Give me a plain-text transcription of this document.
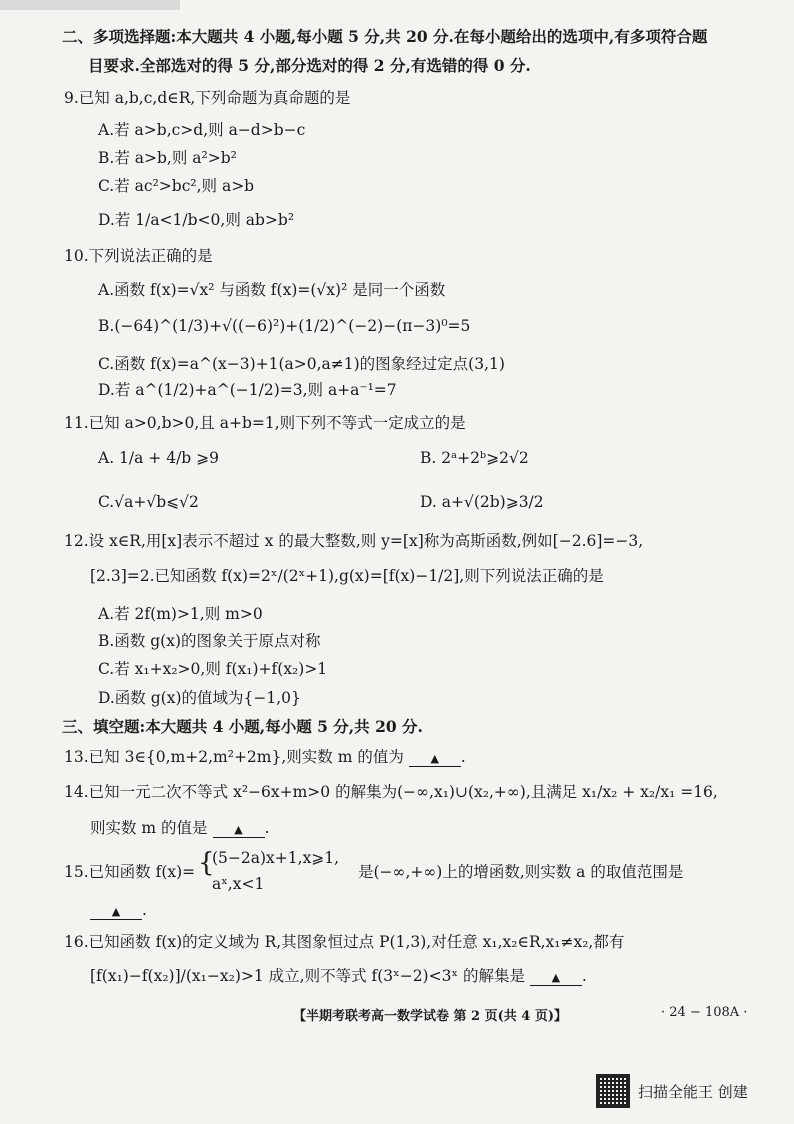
二、多项选择题:本大题共 4 小题,每小题 5 分,共 20 分.在每小题给出的选项中,有多项符合题
目要求.全部选对的得 5 分,部分选对的得 2 分,有选错的得 0 分.
9.已知 a,b,c,d∈R,下列命题为真命题的是
A.若 a>b,c>d,则 a−d>b−c
B.若 a>b,则 a²>b²
C.若 ac²>bc²,则 a>b
D.若 1/a<1/b<0,则 ab>b²
10.下列说法正确的是
A.函数 f(x)=√x² 与函数 f(x)=(√x)² 是同一个函数
B.(−64)^(1/3)+√((−6)²)+(1/2)^(−2)−(π−3)⁰=5
C.函数 f(x)=a^(x−3)+1(a>0,a≠1)的图象经过定点(3,1)
D.若 a^(1/2)+a^(−1/2)=3,则 a+a⁻¹=7
11.已知 a>0,b>0,且 a+b=1,则下列不等式一定成立的是
A. 1/a + 4/b ⩾9	B. 2ᵃ+2ᵇ⩾2√2
C.√a+√b⩽√2	D. a+√(2b)⩾3/2
12.设 x∈R,用[x]表示不超过 x 的最大整数,则 y=[x]称为高斯函数,例如[−2.6]=−3,
[2.3]=2.已知函数 f(x)=2ˣ/(2ˣ+1),g(x)=[f(x)−1/2],则下列说法正确的是
A.若 2f(m)>1,则 m>0
B.函数 g(x)的图象关于原点对称
C.若 x₁+x₂>0,则 f(x₁)+f(x₂)>1
D.函数 g(x)的值域为{−1,0}
三、填空题:本大题共 4 小题,每小题 5 分,共 20 分.
13.已知 3∈{0,m+2,m²+2m},则实数 m 的值为 ▲ .
14.已知一元二次不等式 x²−6x+m>0 的解集为(−∞,x₁)∪(x₂,+∞),且满足 x₁/x₂ + x₂/x₁ =16,
则实数 m 的值是 ▲ .
15.已知函数 f(x)= {
(5−2a)x+1,x⩾1,
aˣ,x<1
是(−∞,+∞)上的增函数,则实数 a 的取值范围是
▲ .
16.已知函数 f(x)的定义域为 R,其图象恒过点 P(1,3),对任意 x₁,x₂∈R,x₁≠x₂,都有
[f(x₁)−f(x₂)]/(x₁−x₂)>1 成立,则不等式 f(3ˣ−2)<3ˣ 的解集是 ▲ .
【半期考联考高一数学试卷 第 2 页(共 4 页)】	· 24 − 108A ·
扫描全能王 创建
